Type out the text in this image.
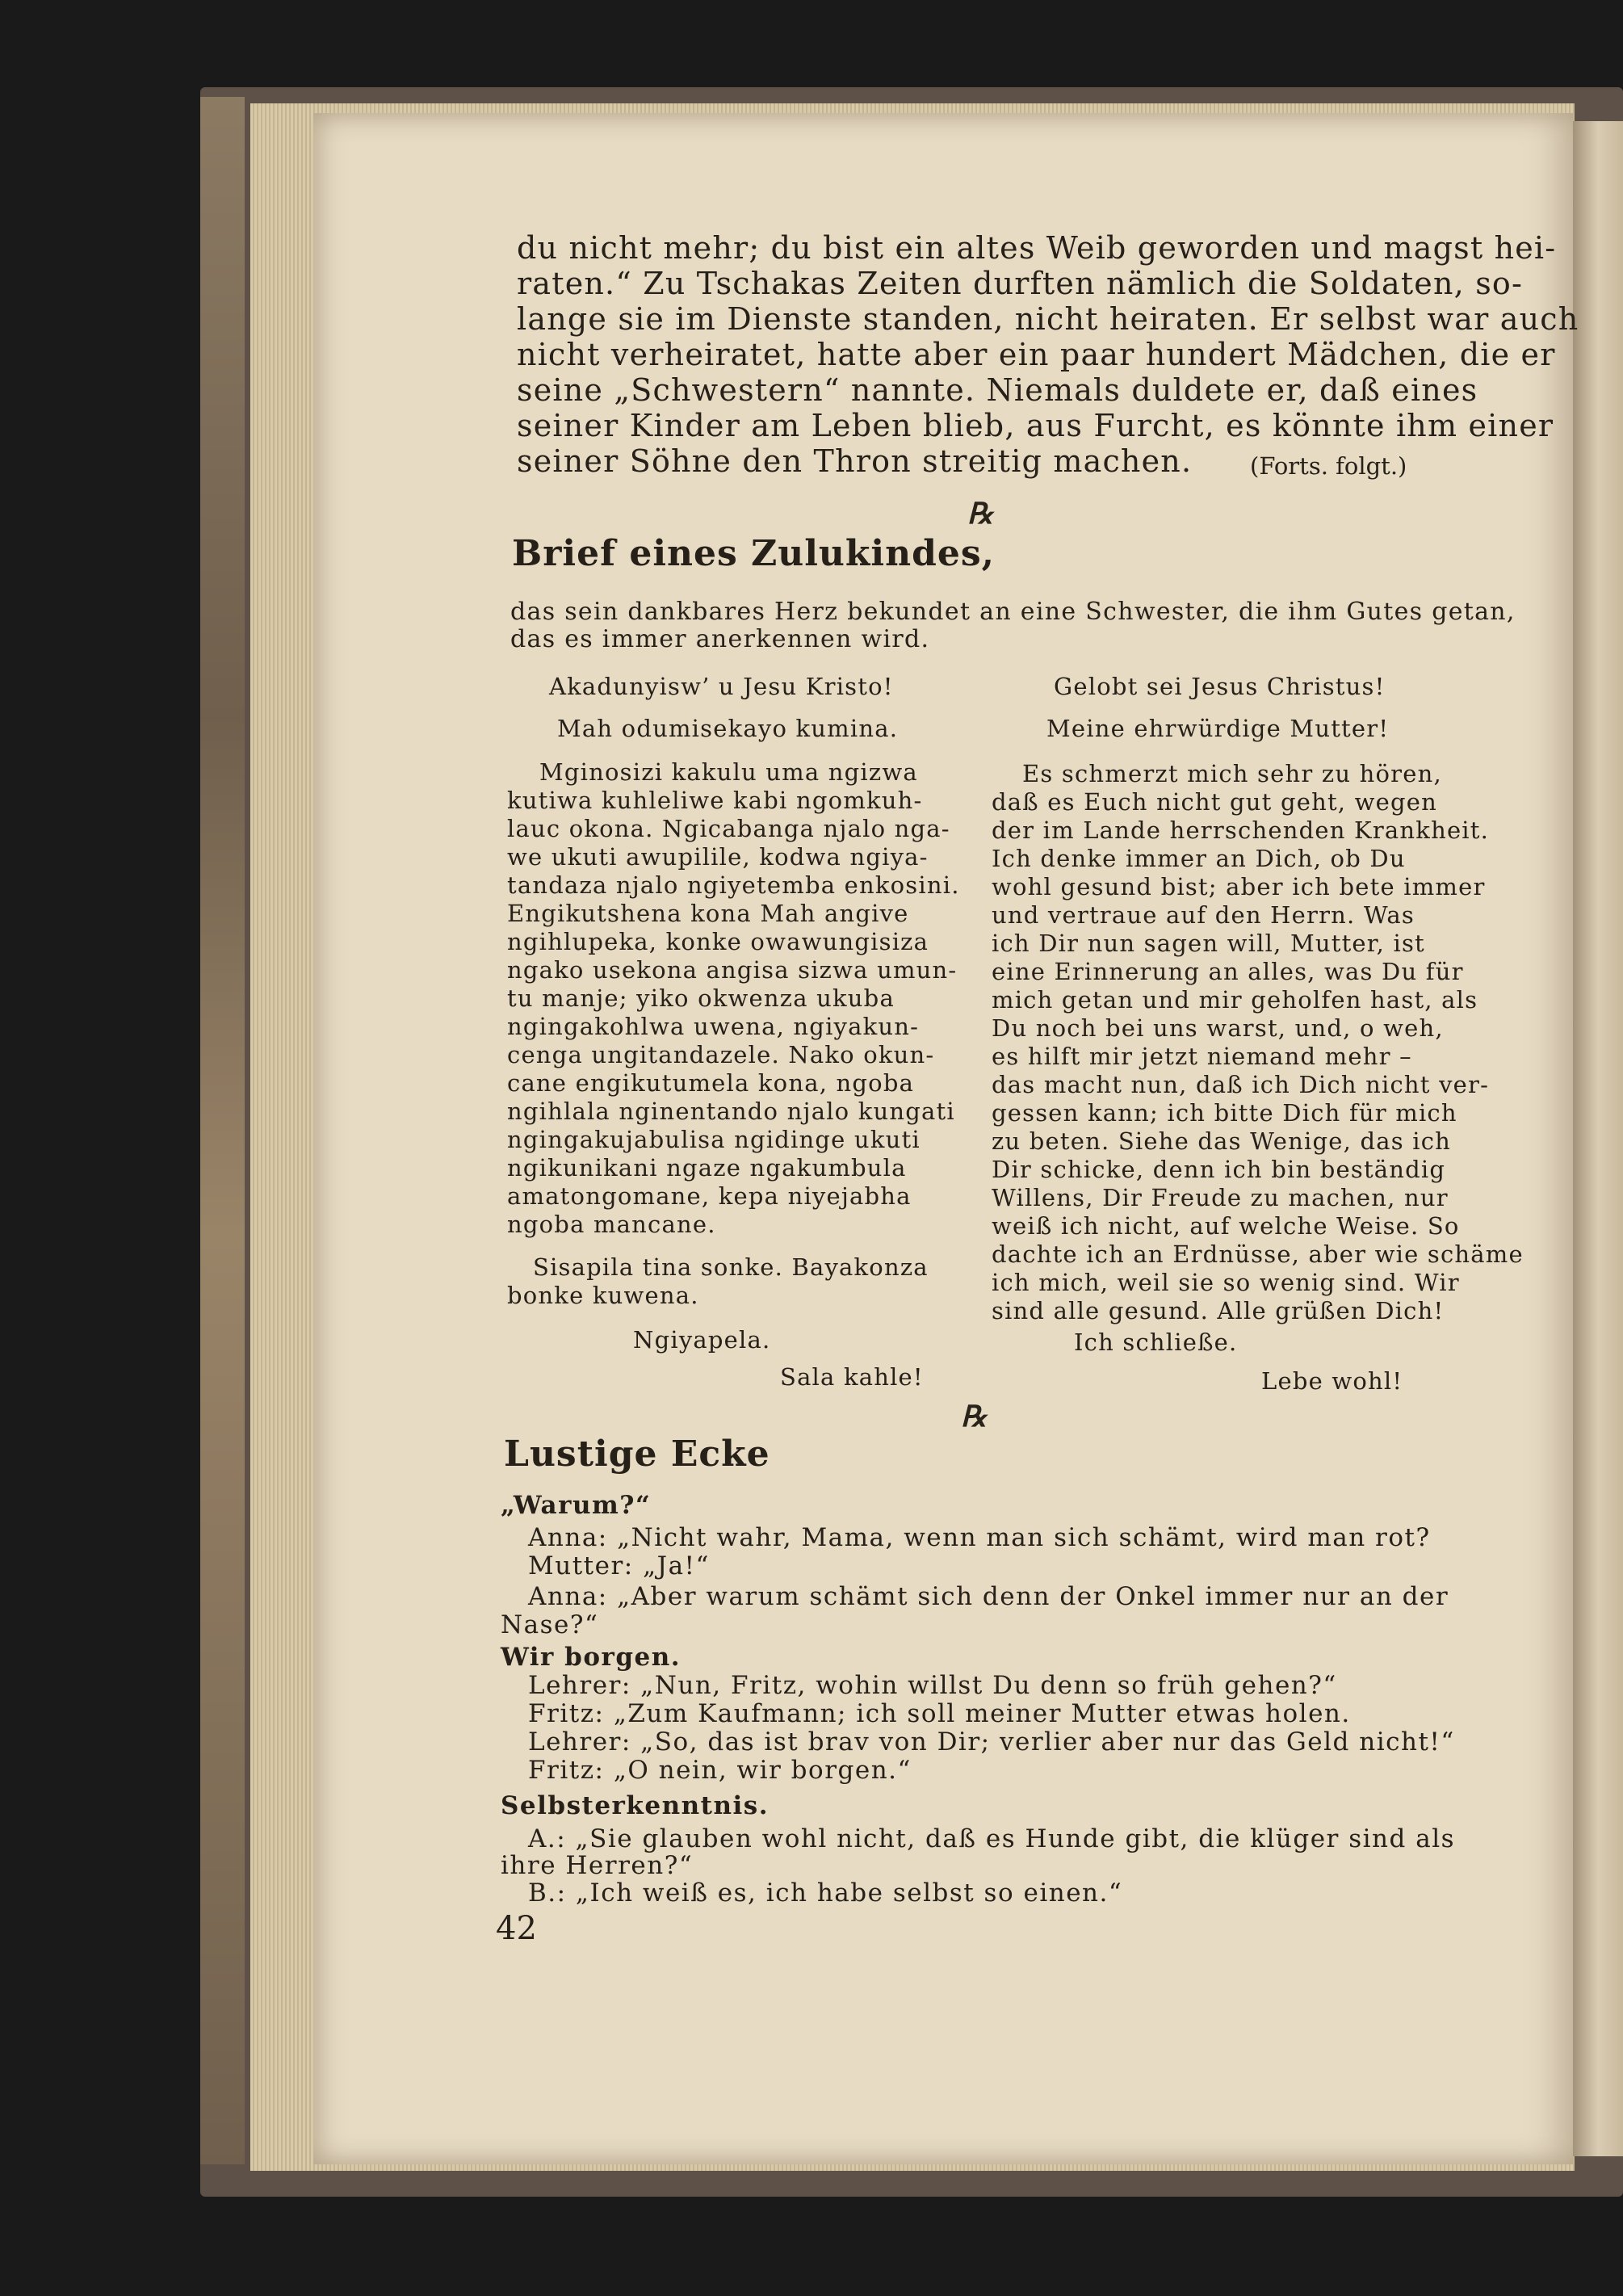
du nicht mehr; du bist ein altes Weib geworden und magst hei-
raten.“ Zu Tschakas Zeiten durften nämlich die Soldaten, so-
lange sie im Dienste standen, nicht heiraten. Er selbst war auch
nicht verheiratet, hatte aber ein paar hundert Mädchen, die er
seine „Schwestern“ nannte. Niemals duldete er, daß eines
seiner Kinder am Leben blieb, aus Furcht, es könnte ihm einer
seiner Söhne den Thron streitig machen. (Forts. folgt.)
℞
Brief eines Zulukindes,
das sein dankbares Herz bekundet an eine Schwester, die ihm Gutes getan,
das es immer anerkennen wird.
Akadunyisw’ u Jesu Kristo!
Mah odumisekayo kumina.
Mginosizi kakulu uma ngizwa
kutiwa kuhleliwe kabi ngomkuh-
lauc okona. Ngicabanga njalo nga-
we ukuti awupilile, kodwa ngiya-
tandaza njalo ngiyetemba enkosini.
Engikutshena kona Mah angive
ngihlupeka, konke owawungisiza
ngako usekona angisa sizwa umun-
tu manje; yiko okwenza ukuba
ngingakohlwa uwena, ngiyakun-
cenga ungitandazele. Nako okun-
cane engikutumela kona, ngoba
ngihlala nginentando njalo kungati
ngingakujabulisa ngidinge ukuti
ngikunikani ngaze ngakumbula
amatongomane, kepa niyejabha
ngoba mancane.
Sisapila tina sonke. Bayakonza
bonke kuwena.
Ngiyapela.
Sala kahle!
Gelobt sei Jesus Christus!
Meine ehrwürdige Mutter!
Es schmerzt mich sehr zu hören,
daß es Euch nicht gut geht, wegen
der im Lande herrschenden Krankheit.
Ich denke immer an Dich, ob Du
wohl gesund bist; aber ich bete immer
und vertraue auf den Herrn. Was
ich Dir nun sagen will, Mutter, ist
eine Erinnerung an alles, was Du für
mich getan und mir geholfen hast, als
Du noch bei uns warst, und, o weh,
es hilft mir jetzt niemand mehr –
das macht nun, daß ich Dich nicht ver-
gessen kann; ich bitte Dich für mich
zu beten. Siehe das Wenige, das ich
Dir schicke, denn ich bin beständig
Willens, Dir Freude zu machen, nur
weiß ich nicht, auf welche Weise. So
dachte ich an Erdnüsse, aber wie schäme
ich mich, weil sie so wenig sind. Wir
sind alle gesund. Alle grüßen Dich!
Ich schließe.
Lebe wohl!
℞
Lustige Ecke
„Warum?“
Anna: „Nicht wahr, Mama, wenn man sich schämt, wird man rot?
Mutter: „Ja!“
Anna: „Aber warum schämt sich denn der Onkel immer nur an der
Nase?“
Wir borgen.
Lehrer: „Nun, Fritz, wohin willst Du denn so früh gehen?“
Fritz: „Zum Kaufmann; ich soll meiner Mutter etwas holen.
Lehrer: „So, das ist brav von Dir; verlier aber nur das Geld nicht!“
Fritz: „O nein, wir borgen.“
Selbsterkenntnis.
A.: „Sie glauben wohl nicht, daß es Hunde gibt, die klüger sind als
ihre Herren?“
B.: „Ich weiß es, ich habe selbst so einen.“
42
